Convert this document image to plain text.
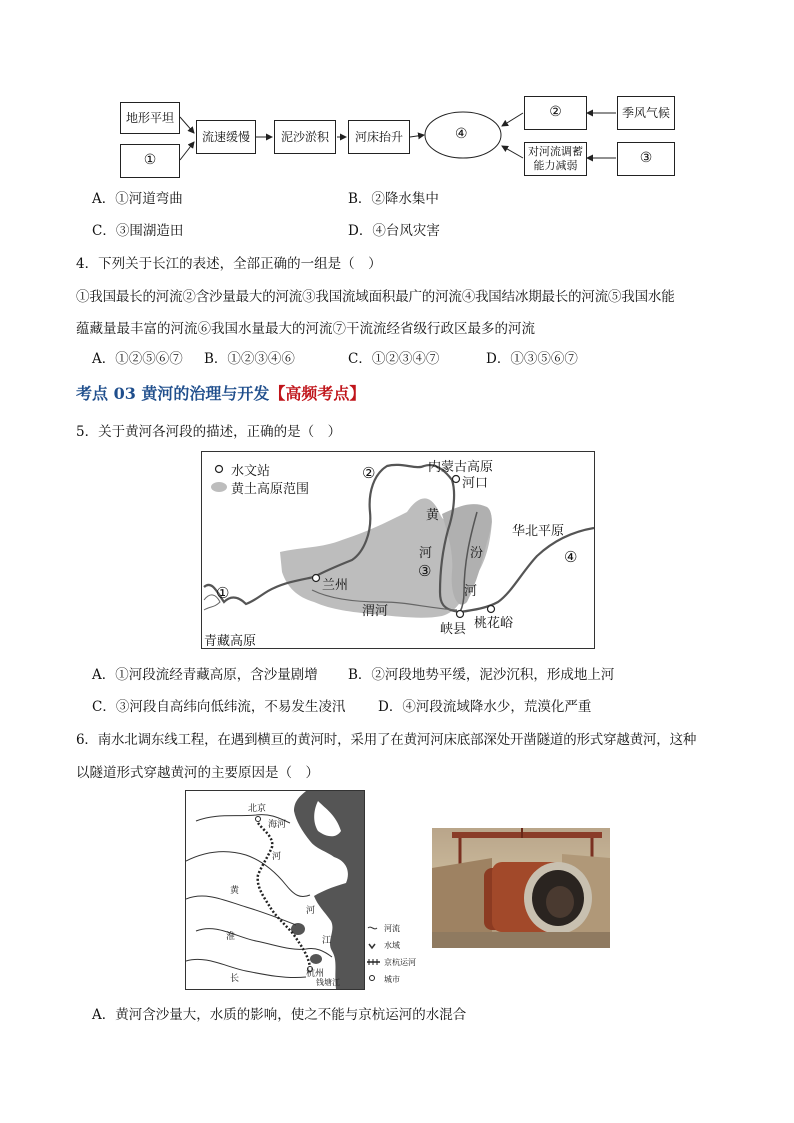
地形平坦
①
流速缓慢	泥沙淤积 河床抬升	④
②	季风气候
对河流调蓄
能力减弱	③
A．①河道弯曲	B．②降水集中
C．③围湖造田	D．④台风灾害
4．下列关于长江的表述，全部正确的一组是（　）
①我国最长的河流②含沙量最大的河流③我国流域面积最广的河流④我国结冰期最长的河流⑤我国水能
蕴藏量最丰富的河流⑥我国水量最大的河流⑦干流流经省级行政区最多的河流
A．①②⑤⑥⑦ B．①②③④⑥	C．①②③④⑦	D．①③⑤⑥⑦
考点 03 黄河的治理与开发【高频考点】
5．关于黄河各河段的描述，正确的是（　）
水文站
黄土高原范围
②	内蒙古高原
河口
黄
河
③
汾
河
华北平原
④
①	兰州
渭河
峡县 桃花峪
青藏高原
A．①河段流经青藏高原，含沙量剧增 B．②河段地势平缓，泥沙沉积，形成地上河
C．③河段自高纬向低纬流，不易发生凌汛 D．④河段流域降水少，荒漠化严重
6．南水北调东线工程，在遇到横亘的黄河时，采用了在黄河河床底部深处开凿隧道的形式穿越黄河，这种
以隧道形式穿越黄河的主要原因是（　）
北京
海河
河
黄
河
淮	江
长	杭州
钱塘江
河流
水域
京杭运河
城市
A．黄河含沙量大，水质的影响，使之不能与京杭运河的水混合
